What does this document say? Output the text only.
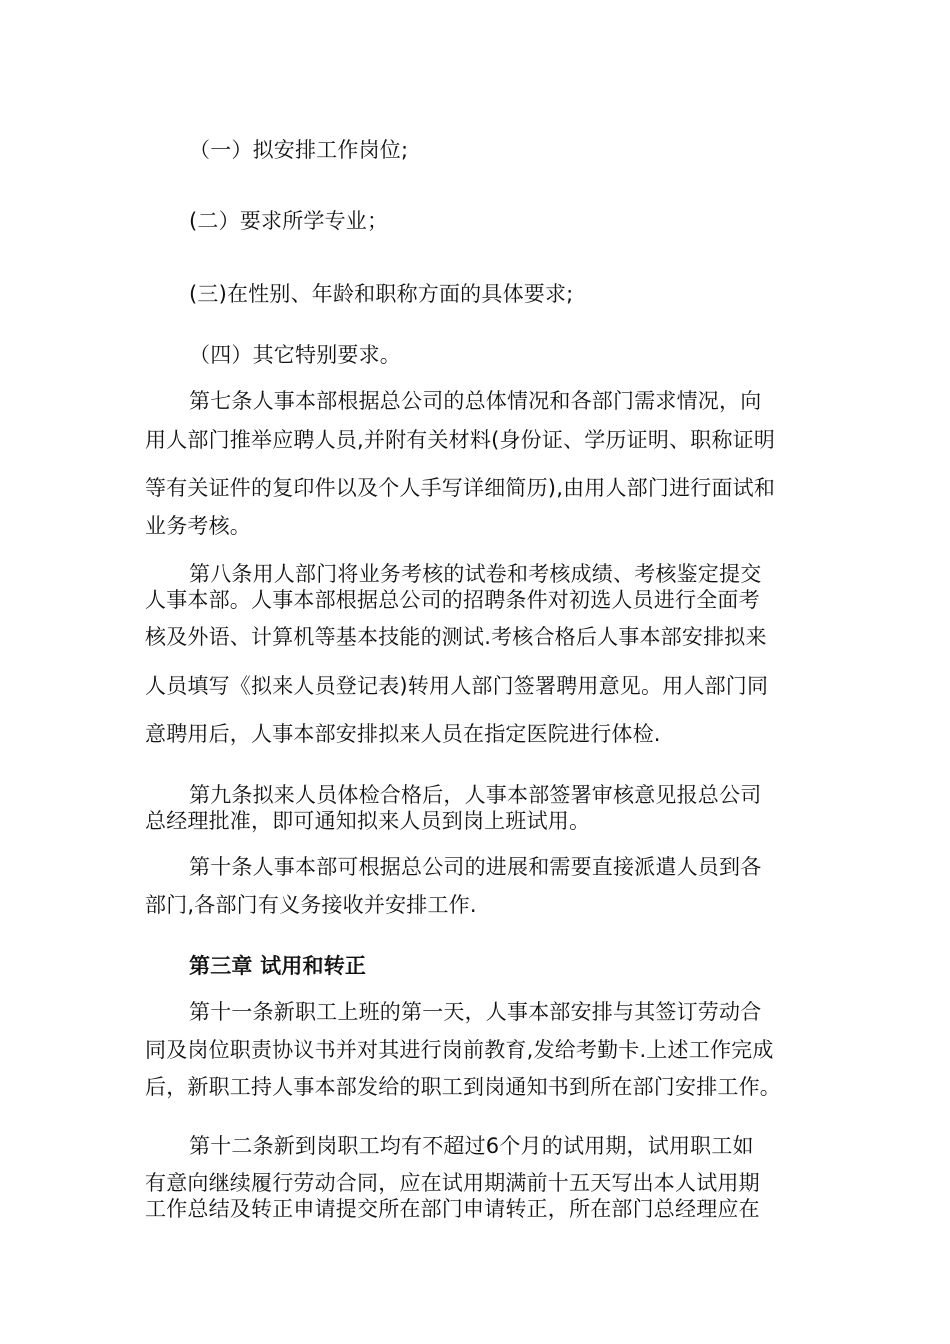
（一）拟安排工作岗位;
(二）要求所学专业；
(三)在性别、年龄和职称方面的具体要求;
（四）其它特别要求。
第七条人事本部根据总公司的总体情况和各部门需求情况，向
用人部门推举应聘人员,并附有关材料(身份证、学历证明、职称证明
等有关证件的复印件以及个人手写详细简历),由用人部门进行面试和
业务考核。
第八条用人部门将业务考核的试卷和考核成绩、考核鉴定提交
人事本部。人事本部根据总公司的招聘条件对初选人员进行全面考
核及外语、计算机等基本技能的测试.考核合格后人事本部安排拟来
人员填写《拟来人员登记表)转用人部门签署聘用意见。用人部门同
意聘用后，人事本部安排拟来人员在指定医院进行体检.
第九条拟来人员体检合格后，人事本部签署审核意见报总公司
总经理批准，即可通知拟来人员到岗上班试用。
第十条人事本部可根据总公司的进展和需要直接派遣人员到各
部门,各部门有义务接收并安排工作.
第三章 试用和转正
第十一条新职工上班的第一天，人事本部安排与其签订劳动合
同及岗位职责协议书并对其进行岗前教育,发给考勤卡.上述工作完成
后，新职工持人事本部发给的职工到岗通知书到所在部门安排工作。
第十二条新到岗职工均有不超过6个月的试用期，试用职工如
有意向继续履行劳动合同，应在试用期满前十五天写出本人试用期
工作总结及转正申请提交所在部门申请转正，所在部门总经理应在
